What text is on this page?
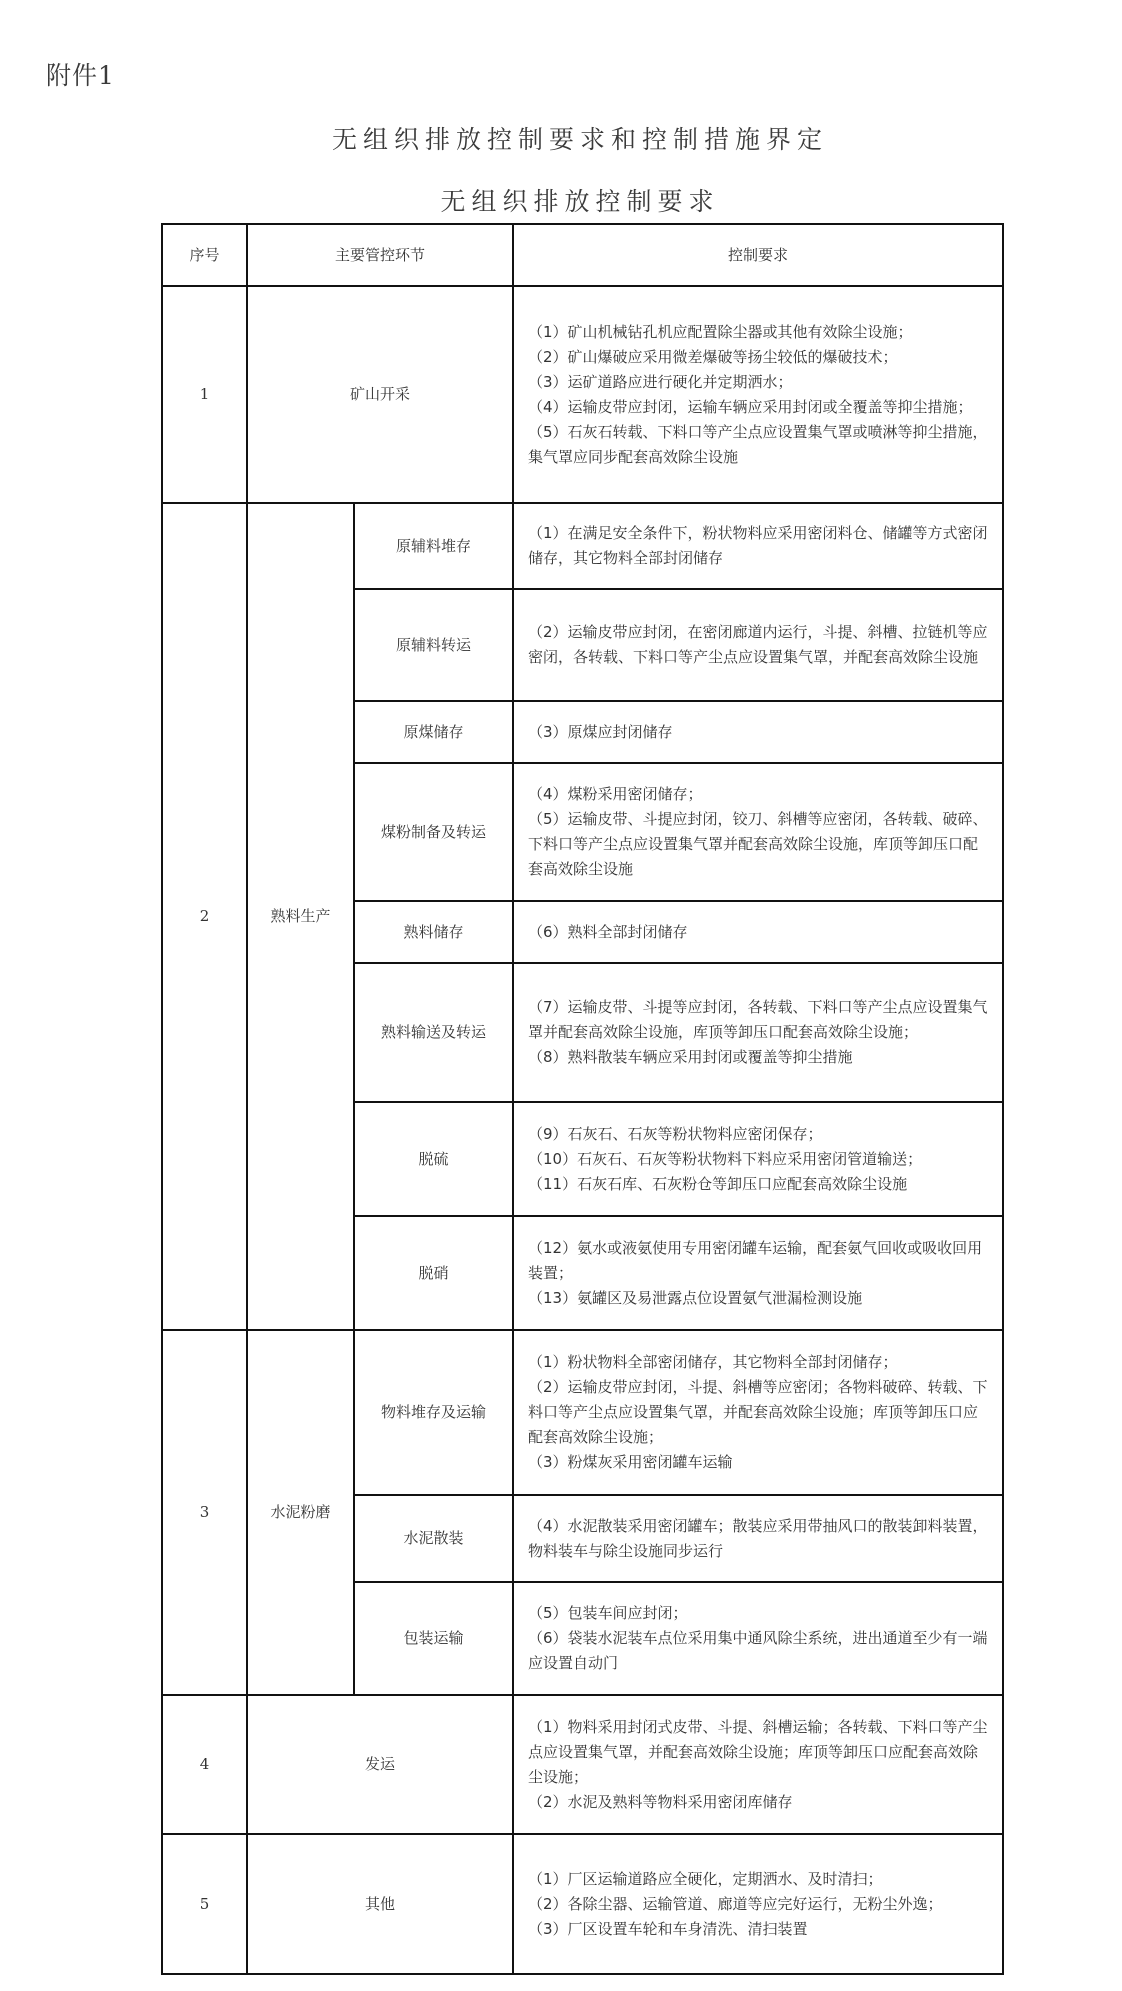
附件1
无组织排放控制要求和控制措施界定
无组织排放控制要求
序号	主要管控环节		控制要求
1	矿山开采		（1）矿山机械钻孔机应配置除尘器或其他有效除尘设施；
（2）矿山爆破应采用微差爆破等扬尘较低的爆破技术；
（3）运矿道路应进行硬化并定期洒水；
（4）运输皮带应封闭，运输车辆应采用封闭或全覆盖等抑尘措施；
（5）石灰石转载、下料口等产尘点应设置集气罩或喷淋等抑尘措施，集气罩应同步配套高效除尘设施

2	熟料生产	原辅料堆存	（1）在满足安全条件下，粉状物料应采用密闭料仓、储罐等方式密闭储存，其它物料全部封闭储存

		原辅料转运	（2）运输皮带应封闭，在密闭廊道内运行，斗提、斜槽、拉链机等应密闭，各转载、下料口等产尘点应设置集气罩，并配套高效除尘设施

		原煤储存	（3）原煤应封闭储存

		煤粉制备及转运	（4）煤粉采用密闭储存；
（5）运输皮带、斗提应封闭，铰刀、斜槽等应密闭，各转载、破碎、下料口等产尘点应设置集气罩并配套高效除尘设施，库顶等卸压口配套高效除尘设施

		熟料储存	（6）熟料全部封闭储存

		熟料输送及转运	（7）运输皮带、斗提等应封闭，各转载、下料口等产尘点应设置集气罩并配套高效除尘设施，库顶等卸压口配套高效除尘设施；
（8）熟料散装车辆应采用封闭或覆盖等抑尘措施

		脱硫	（9）石灰石、石灰等粉状物料应密闭保存；
（10）石灰石、石灰等粉状物料下料应采用密闭管道输送；
（11）石灰石库、石灰粉仓等卸压口应配套高效除尘设施

		脱硝	（12）氨水或液氨使用专用密闭罐车运输，配套氨气回收或吸收回用装置；
（13）氨罐区及易泄露点位设置氨气泄漏检测设施

3	水泥粉磨	物料堆存及运输	（1）粉状物料全部密闭储存，其它物料全部封闭储存；
（2）运输皮带应封闭，斗提、斜槽等应密闭；各物料破碎、转载、下料口等产尘点应设置集气罩，并配套高效除尘设施；库顶等卸压口应配套高效除尘设施；
（3）粉煤灰采用密闭罐车运输

		水泥散装	（4）水泥散装采用密闭罐车；散装应采用带抽风口的散装卸料装置，物料装车与除尘设施同步运行

		包装运输	（5）包装车间应封闭；
（6）袋装水泥装车点位采用集中通风除尘系统，进出通道至少有一端应设置自动门

4	发运		（1）物料采用封闭式皮带、斗提、斜槽运输；各转载、下料口等产尘点应设置集气罩，并配套高效除尘设施；库顶等卸压口应配套高效除尘设施；
（2）水泥及熟料等物料采用密闭库储存

5	其他		（1）厂区运输道路应全硬化，定期洒水、及时清扫；
（2）各除尘器、运输管道、廊道等应完好运行，无粉尘外逸；
（3）厂区设置车轮和车身清洗、清扫装置
